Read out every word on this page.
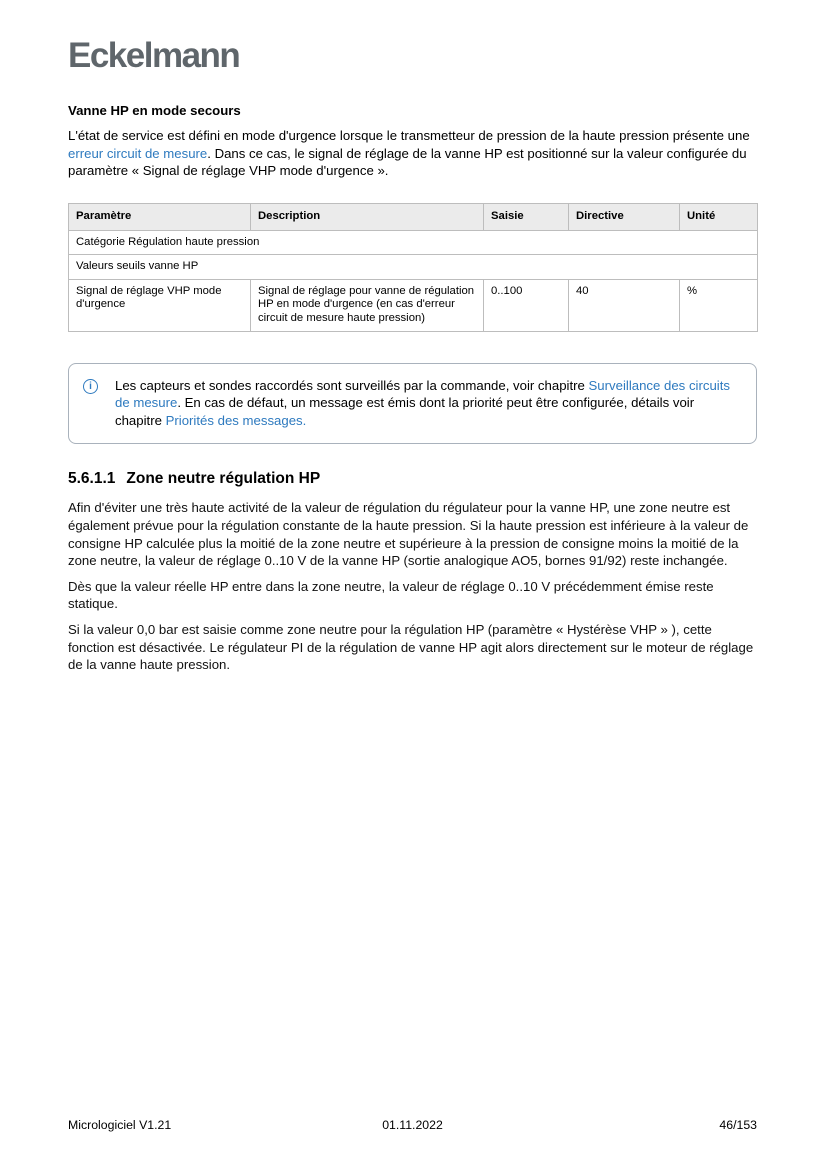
Eckelmann
Vanne HP en mode secours

L'état de service est défini en mode d'urgence lorsque le transmetteur de pression de la haute pression présente une erreur circuit de mesure. Dans ce cas, le signal de réglage de la vanne HP est positionné sur la valeur configurée du paramètre « Signal de réglage VHP mode d'urgence ».

Paramètre	Description	Saisie	Directive	Unité
Catégorie Régulation haute pression				
Valeurs seuils vanne HP				
Signal de réglage VHP mode d'urgence	Signal de réglage pour vanne de régulation HP en mode d'urgence (en cas d'erreur circuit de mesure haute pression)	0..100	40	%
i	Les capteurs et sondes raccordés sont surveillés par la commande, voir chapitre Surveillance des circuits de mesure. En cas de défaut, un message est émis dont la priorité peut être configurée, détails voir chapitre Priorités des messages.
5.6.1.1 Zone neutre régulation HP

Afin d'éviter une très haute activité de la valeur de régulation du régulateur pour la vanne HP, une zone neutre est également prévue pour la régulation constante de la haute pression. Si la haute pression est inférieure à la valeur de consigne HP calculée plus la moitié de la zone neutre et supérieure à la pression de consigne moins la moitié de la zone neutre, la valeur de réglage 0..10 V de la vanne HP (sortie analogique AO5, bornes 91/92) reste inchangée.

Dès que la valeur réelle HP entre dans la zone neutre, la valeur de réglage 0..10 V précédemment émise reste statique.

Si la valeur 0,0 bar est saisie comme zone neutre pour la régulation HP (paramètre « Hystérèse VHP » ), cette fonction est désactivée. Le régulateur PI de la régulation de vanne HP agit alors directement sur le moteur de réglage de la vanne haute pression.

Micrologiciel V1.21	01.11.2022	46/153
